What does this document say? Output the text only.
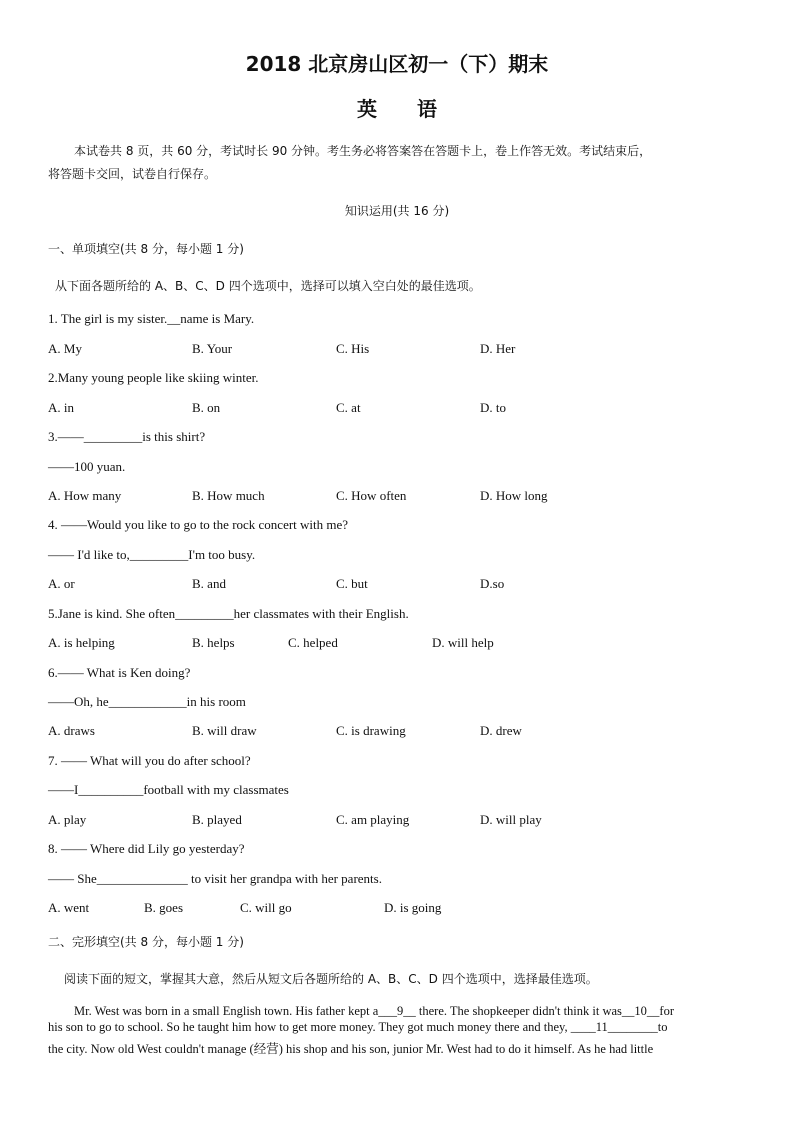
2018 北京房山区初一（下）期末
英语
本试卷共 8 页，共 60 分，考试时长 90 分钟。考生务必将答案答在答题卡上，卷上作答无效。考试结束后，
将答题卡交回，试卷自行保存。
知识运用(共 16 分)
一、单项填空(共 8 分，每小题 1 分)
从下面各题所给的 A、B、C、D 四个选项中，选择可以填入空白处的最佳选项。
1. The girl is my sister.__name is Mary.
A. My	B. Your	C. His	D. Her
2.Many young people like skiing winter.
A. in	B. on	C. at	D. to
3.——_________is this shirt?
——100 yuan.
A. How many	B. How much	C. How often	D. How long
4. ——Would you like to go to the rock concert with me?
—— I'd like to,_________I'm too busy.
A. or	B. and	C. but	D.so
5.Jane is kind. She often_________her classmates with their English.
A. is helping	B. helps	C. helped	D. will help
6.—— What is Ken doing?
——Oh, he____________in his room
A. draws	B. will draw	C. is drawing	D. drew
7. —— What will you do after school?
——I__________football with my classmates
A. play	B. played	C. am playing	D. will play
8. —— Where did Lily go yesterday?
—— She______________ to visit her grandpa with her parents.
A. went	B. goes	C. will go	D. is going
二、完形填空(共 8 分，每小题 1 分)
阅读下面的短文，掌握其大意，然后从短文后各题所给的 A、B、C、D 四个选项中，选择最佳选项。
Mr. West was born in a small English town. His father kept a___9__ there. The shopkeeper didn't think it was__10__for
his son to go to school. So he taught him how to get more money. They got much money there and they, ____11________to
the city. Now old West couldn't manage (经营) his shop and his son, junior Mr. West had to do it himself. As he had little
